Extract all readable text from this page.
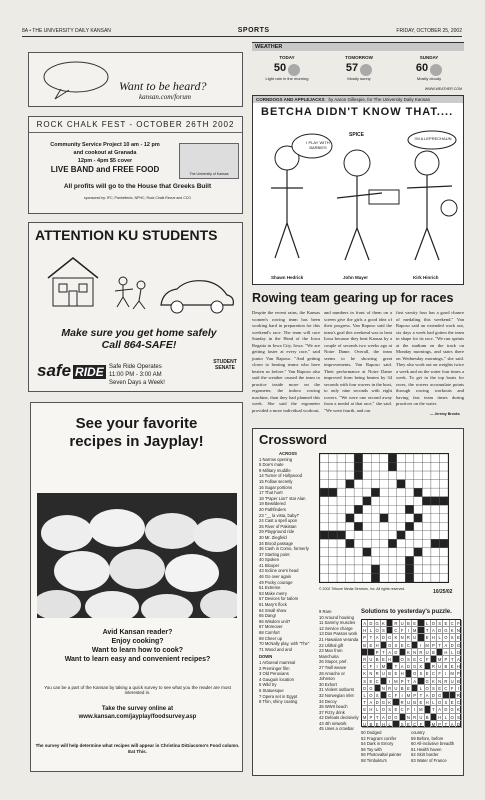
8A • THE UNIVERSITY DAILY KANSAN	SPORTS	FRIDAY, OCTOBER 25, 2002
Want to be heard?
kansan.com/forum
ROCK CHALK FEST - OCTOBER 26TH 2002
Community Service Project 10 am - 12 pm
and cookout at Granada
12pm - 4pm $5 cover
LIVE BAND and FREE FOOD	The University of Kansas
All profits will go to the House that Greeks Built
sponsored by: IFC, Panhellenic, NPHC, Rock Chalk Revue and CCO
ATTENTION KU STUDENTS
Make sure you get home safely
Call 864-SAFE!
safe RIDE Safe Ride Operates
11:00 PM - 3:00 AM
Seven Days a Week!
STUDENT SENATE
See your favorite
recipes in Jayplay!
Avid Kansan reader?
Enjoy cooking?
Want to learn how to cook?
Want to learn easy and convenient recipes?
You can be a part of the Kansan by taking a quick survey to see what you the reader are most interested in.
Take the survey online at
www.kansan.com/jayplay/foodsurvey.asp
The survey will help determine what recipes will appear in Christina DiGiacomo's Food column. Eat This.
WEATHER
TODAY
50
Light rain in the morning
TOMORROW
57
Mostly sunny
SUNDAY
60
Mostly cloudy
WWW.WEATHER.COM
CORNDOGS AND APPLEJACKS by Aaron Gillespie, for The University Daily Kansan
BETCHA DIDN'T KNOW THAT....
I PLAY WITH BARBIES
I'M A LEPRECHAUN
SPICE
Shawn Hedrick	John Mayer	Kirk Hinrich
Rowing team gearing up for races
Despite the recent rains, the Kansas women's rowing team has been working hard in preparation for this weekend's race. The team will race Sunday in the Head of the Iowa Regatta in Iowa City, Iowa. "We are getting faster at every race," said junior Van Raposo. "And getting closer to beating teams who have beaten us before." Van Raposo also said the weather caused the team to practice inside more on the ergometer, the indoor rowing machine, than they had planned this week. She said the ergometer provided a more individual workout,
and numbers in front of them on a screen give the girls a good idea of their progress. Van Raposo said the team's goal this weekend was to beat Iowa because they beat Kansas by a couple of seconds two weeks ago at Notre Dame. Overall, the team seems to be showing great improvements, Van Raposo said. Their performance at Notre Dame improved from being beaten by 34 seconds with four rowers in the boat, to only nine seconds with eight rowers. "We were one second away from a medal at that race," she said. "We went fourth, and our
first varsity four has a good chance of medaling this weekend." Van Raposo said an extended work out, six days a week had gotten the team in shape for its race. "We run sprints at the stadium on the track on Monday mornings, and stairs there on Wednesday mornings," she said. They also work out on weights twice a week and on the water four times a week. To get in the top boats for races, the rowers accumulate points through rowing workouts and having fast team times during practices on the water.
— Jeremy Brooks
Crossword
ACROSS
1 Narrow opening
5 Doe's mate
9 Military muddle
14 Turner of Hollywood
15 Follow secretly
16 Sugar portions
17 That hurt!
18 "Paper Lion" star Alan
19 Bewildered
20 Pathfinders
23 "__ la vista, baby!"
24 Cast a spell upon
25 River of Pakistan
29 Playground ride
30 Mr. Ziegfeld
34 Brood passage
36 Cash in Como, formerly
37 Starting point
40 Spoken
41 Blooper
43 Incline one's head
46 Go over again
49 Pocky courage
51 Extreme
53 Make merry
57 Devices for tailors
61 Mary's flock
64 Small show
65 Dang!
66 Wisdom unit?
67 Moreover
68 Comfort
69 Cheer up
70 McNally play, with "The"
71 Wood and and
DOWN
1 Arboreal mammal
2 Preminger film
3 Old Peruvians
4 Gauguin location
5 Wild try
6 Statuesque
7 Opera set in Egypt
8 Thin, shiny coating
© 2002 Tribune Media Services, Inc. All rights reserved.	10/25/02
9 Rare
10 Around housing
11 Sammy muscles
12 Service charge
13 Dos Passos work
21 Hawaiian veranda
22 Ulithal gift
23 Man from Manchuria
26 Stupor, pref.
27 Twill weave
28 Amache or Johnson
30 Exhort
31 Violent outburst
32 Norwegian inlet
34 Decoy
35 WWII beach
37 Fizzy drink
42 Defeats decisively
43 4th network
45 Uses a crowbar
Solutions to yesterday's puzzle.
A D G K	R U B E	L O S E C F
H L O S	C F	I M	T A D G K N
P T A D G K N R U	E H L O S E
B E H	O S E C	I M P T A D G
P T A D	K N R U B	H L O
R U B E H	O S E C F	M P T A
C F	I M	T A D G K	R U B E H
K N R U B E H	O S E C F	I M P
S E C	I M P T A	G K N R U B
D G	N R U B E	L O S E C F	I
L O S	C F	I M P T A D G	R
T A D G K	R U B E H L O S E C
E H L O S E C F	I M	T A D G K
M P T A D G	N R U B	H L O S
U B E H L	S E C F	M P T A D
50 Dodged
52 Fragrant conifer
54 Dark in Emory
56 Toy with
56 Photovaltal painter
58 Timbuktu's
country
59 Before, before
60 All-inclusive breadth
61 Health haven
62 Skirt border
63 Water of France
